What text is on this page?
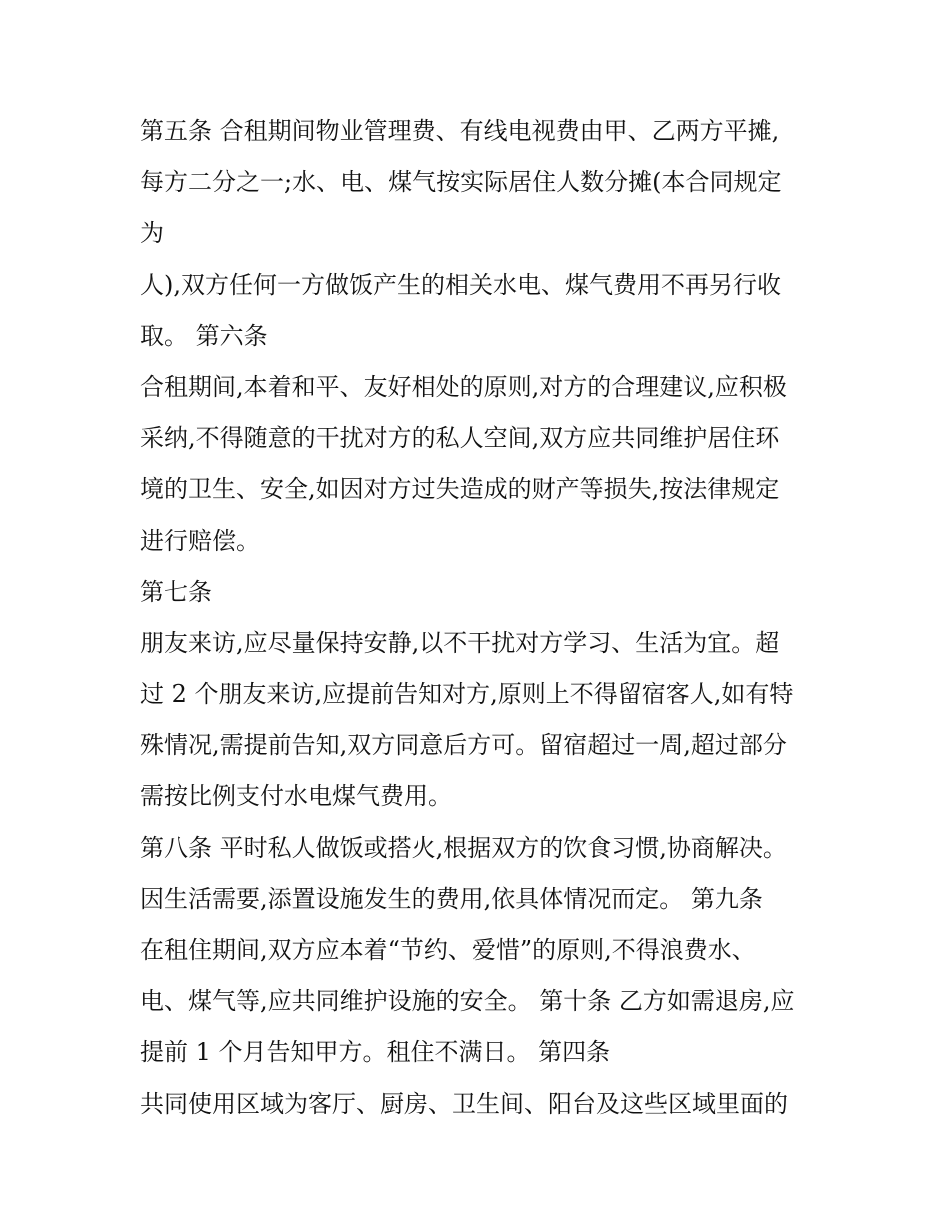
第五条 合租期间物业管理费、有线电视费由甲、乙两方平摊,
每方二分之一;水、电、煤气按实际居住人数分摊(本合同规定
为
人),双方任何一方做饭产生的相关水电、煤气费用不再另行收
取。 第六条
合租期间,本着和平、友好相处的原则,对方的合理建议,应积极
采纳,不得随意的干扰对方的私人空间,双方应共同维护居住环
境的卫生、安全,如因对方过失造成的财产等损失,按法律规定
进行赔偿。
第七条
朋友来访,应尽量保持安静,以不干扰对方学习、生活为宜。超
过 2 个朋友来访,应提前告知对方,原则上不得留宿客人,如有特
殊情况,需提前告知,双方同意后方可。留宿超过一周,超过部分
需按比例支付水电煤气费用。
第八条 平时私人做饭或搭火,根据双方的饮食习惯,协商解决。
因生活需要,添置设施发生的费用,依具体情况而定。 第九条
在租住期间,双方应本着“节约、爱惜”的原则,不得浪费水、
电、煤气等,应共同维护设施的安全。 第十条 乙方如需退房,应
提前 1 个月告知甲方。租住不满日。 第四条
共同使用区域为客厅、厨房、卫生间、阳台及这些区域里面的
